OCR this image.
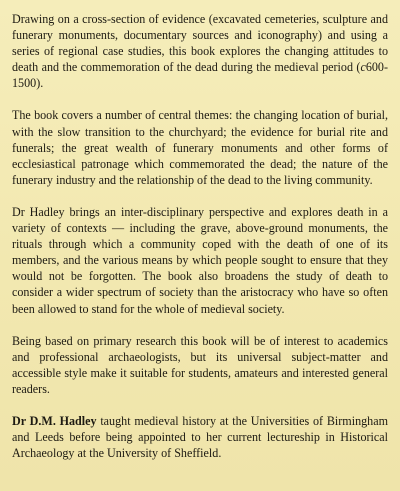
Drawing on a cross-section of evidence (excavated cemeteries, sculpture and funerary monuments, documentary sources and iconography) and using a series of regional case studies, this book explores the changing attitudes to death and the commemoration of the dead during the medieval period (c600-1500).

The book covers a number of central themes: the changing location of burial, with the slow transition to the churchyard; the evidence for burial rite and funerals; the great wealth of funerary monuments and other forms of ecclesiastical patronage which commemorated the dead; the nature of the funerary industry and the relationship of the dead to the living community.

Dr Hadley brings an inter-disciplinary perspective and explores death in a variety of contexts — including the grave, above-ground monuments, the rituals through which a community coped with the death of one of its members, and the various means by which people sought to ensure that they would not be forgotten. The book also broadens the study of death to consider a wider spectrum of society than the aristocracy who have so often been allowed to stand for the whole of medieval society.

Being based on primary research this book will be of interest to academics and professional archaeologists, but its universal subject-matter and accessible style make it suitable for students, amateurs and interested general readers.

Dr D.M. Hadley taught medieval history at the Universities of Birmingham and Leeds before being appointed to her current lectureship in Historical Archaeology at the University of Sheffield.
